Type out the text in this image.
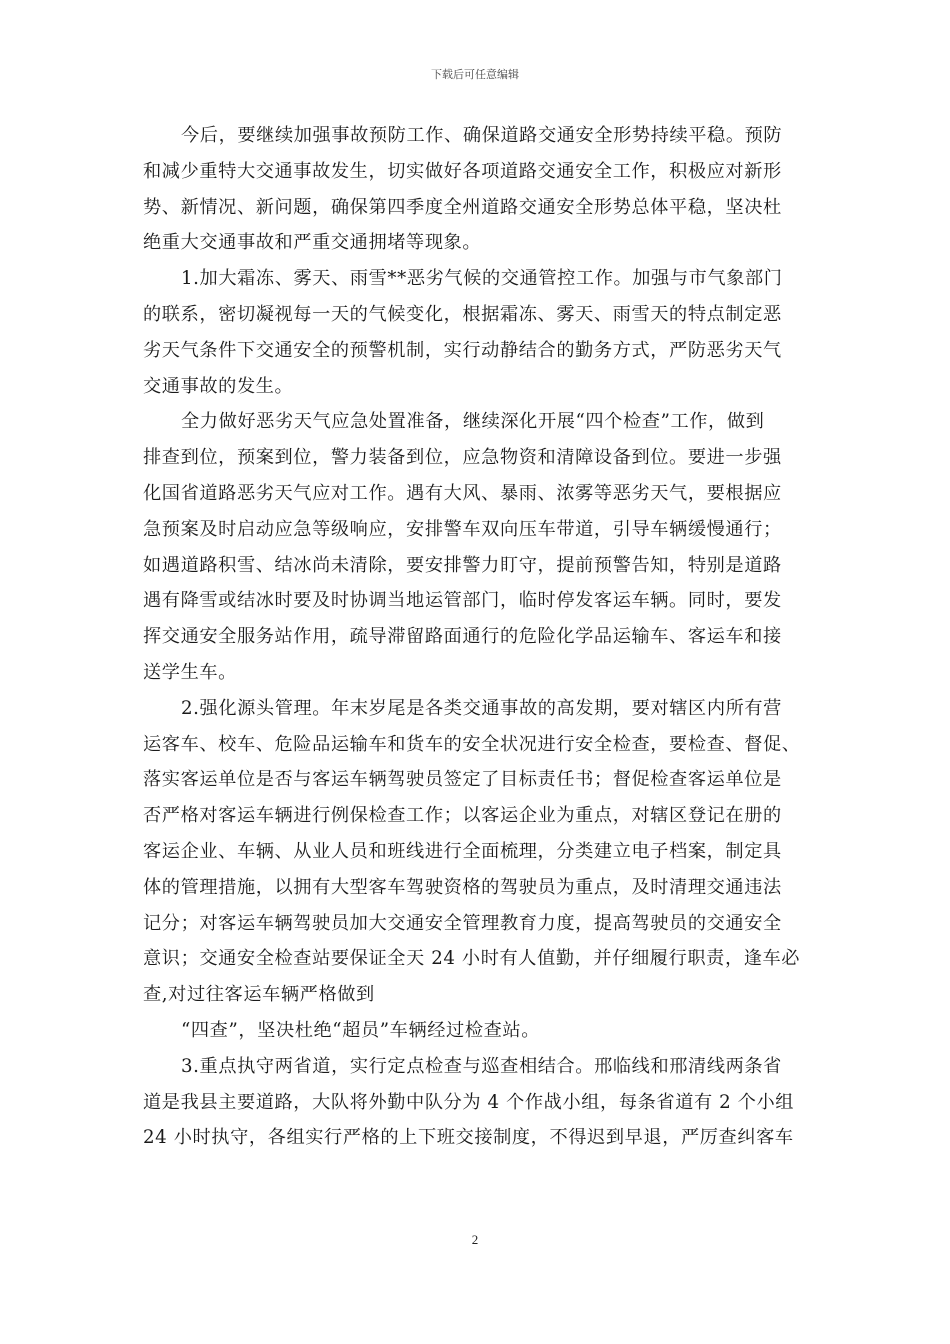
下载后可任意编辑
今后，要继续加强事故预防工作、确保道路交通安全形势持续平稳。预防
和减少重特大交通事故发生，切实做好各项道路交通安全工作，积极应对新形
势、新情况、新问题，确保第四季度全州道路交通安全形势总体平稳，坚决杜
绝重大交通事故和严重交通拥堵等现象。
1.加大霜冻、雾天、雨雪**恶劣气候的交通管控工作。加强与市气象部门
的联系，密切凝视每一天的气候变化，根据霜冻、雾天、雨雪天的特点制定恶
劣天气条件下交通安全的预警机制，实行动静结合的勤务方式，严防恶劣天气
交通事故的发生。
全力做好恶劣天气应急处置准备，继续深化开展“四个检查”工作，做到
排查到位，预案到位，警力装备到位，应急物资和清障设备到位。要进一步强
化国省道路恶劣天气应对工作。遇有大风、暴雨、浓雾等恶劣天气，要根据应
急预案及时启动应急等级响应，安排警车双向压车带道，引导车辆缓慢通行；
如遇道路积雪、结冰尚未清除，要安排警力盯守，提前预警告知，特别是道路
遇有降雪或结冰时要及时协调当地运管部门，临时停发客运车辆。同时，要发
挥交通安全服务站作用，疏导滞留路面通行的危险化学品运输车、客运车和接
送学生车。
2.强化源头管理。年末岁尾是各类交通事故的高发期，要对辖区内所有营
运客车、校车、危险品运输车和货车的安全状况进行安全检查，要检查、督促、
落实客运单位是否与客运车辆驾驶员签定了目标责任书；督促检查客运单位是
否严格对客运车辆进行例保检查工作；以客运企业为重点，对辖区登记在册的
客运企业、车辆、从业人员和班线进行全面梳理，分类建立电子档案，制定具
体的管理措施，以拥有大型客车驾驶资格的驾驶员为重点，及时清理交通违法
记分；对客运车辆驾驶员加大交通安全管理教育力度，提高驾驶员的交通安全
意识；交通安全检查站要保证全天 24 小时有人值勤，并仔细履行职责，逢车必
查,对过往客运车辆严格做到
“四查”，坚决杜绝“超员”车辆经过检查站。
3.重点执守两省道，实行定点检查与巡查相结合。邢临线和邢清线两条省
道是我县主要道路，大队将外勤中队分为 4 个作战小组，每条省道有 2 个小组
24 小时执守，各组实行严格的上下班交接制度，不得迟到早退，严厉查纠客车
2
